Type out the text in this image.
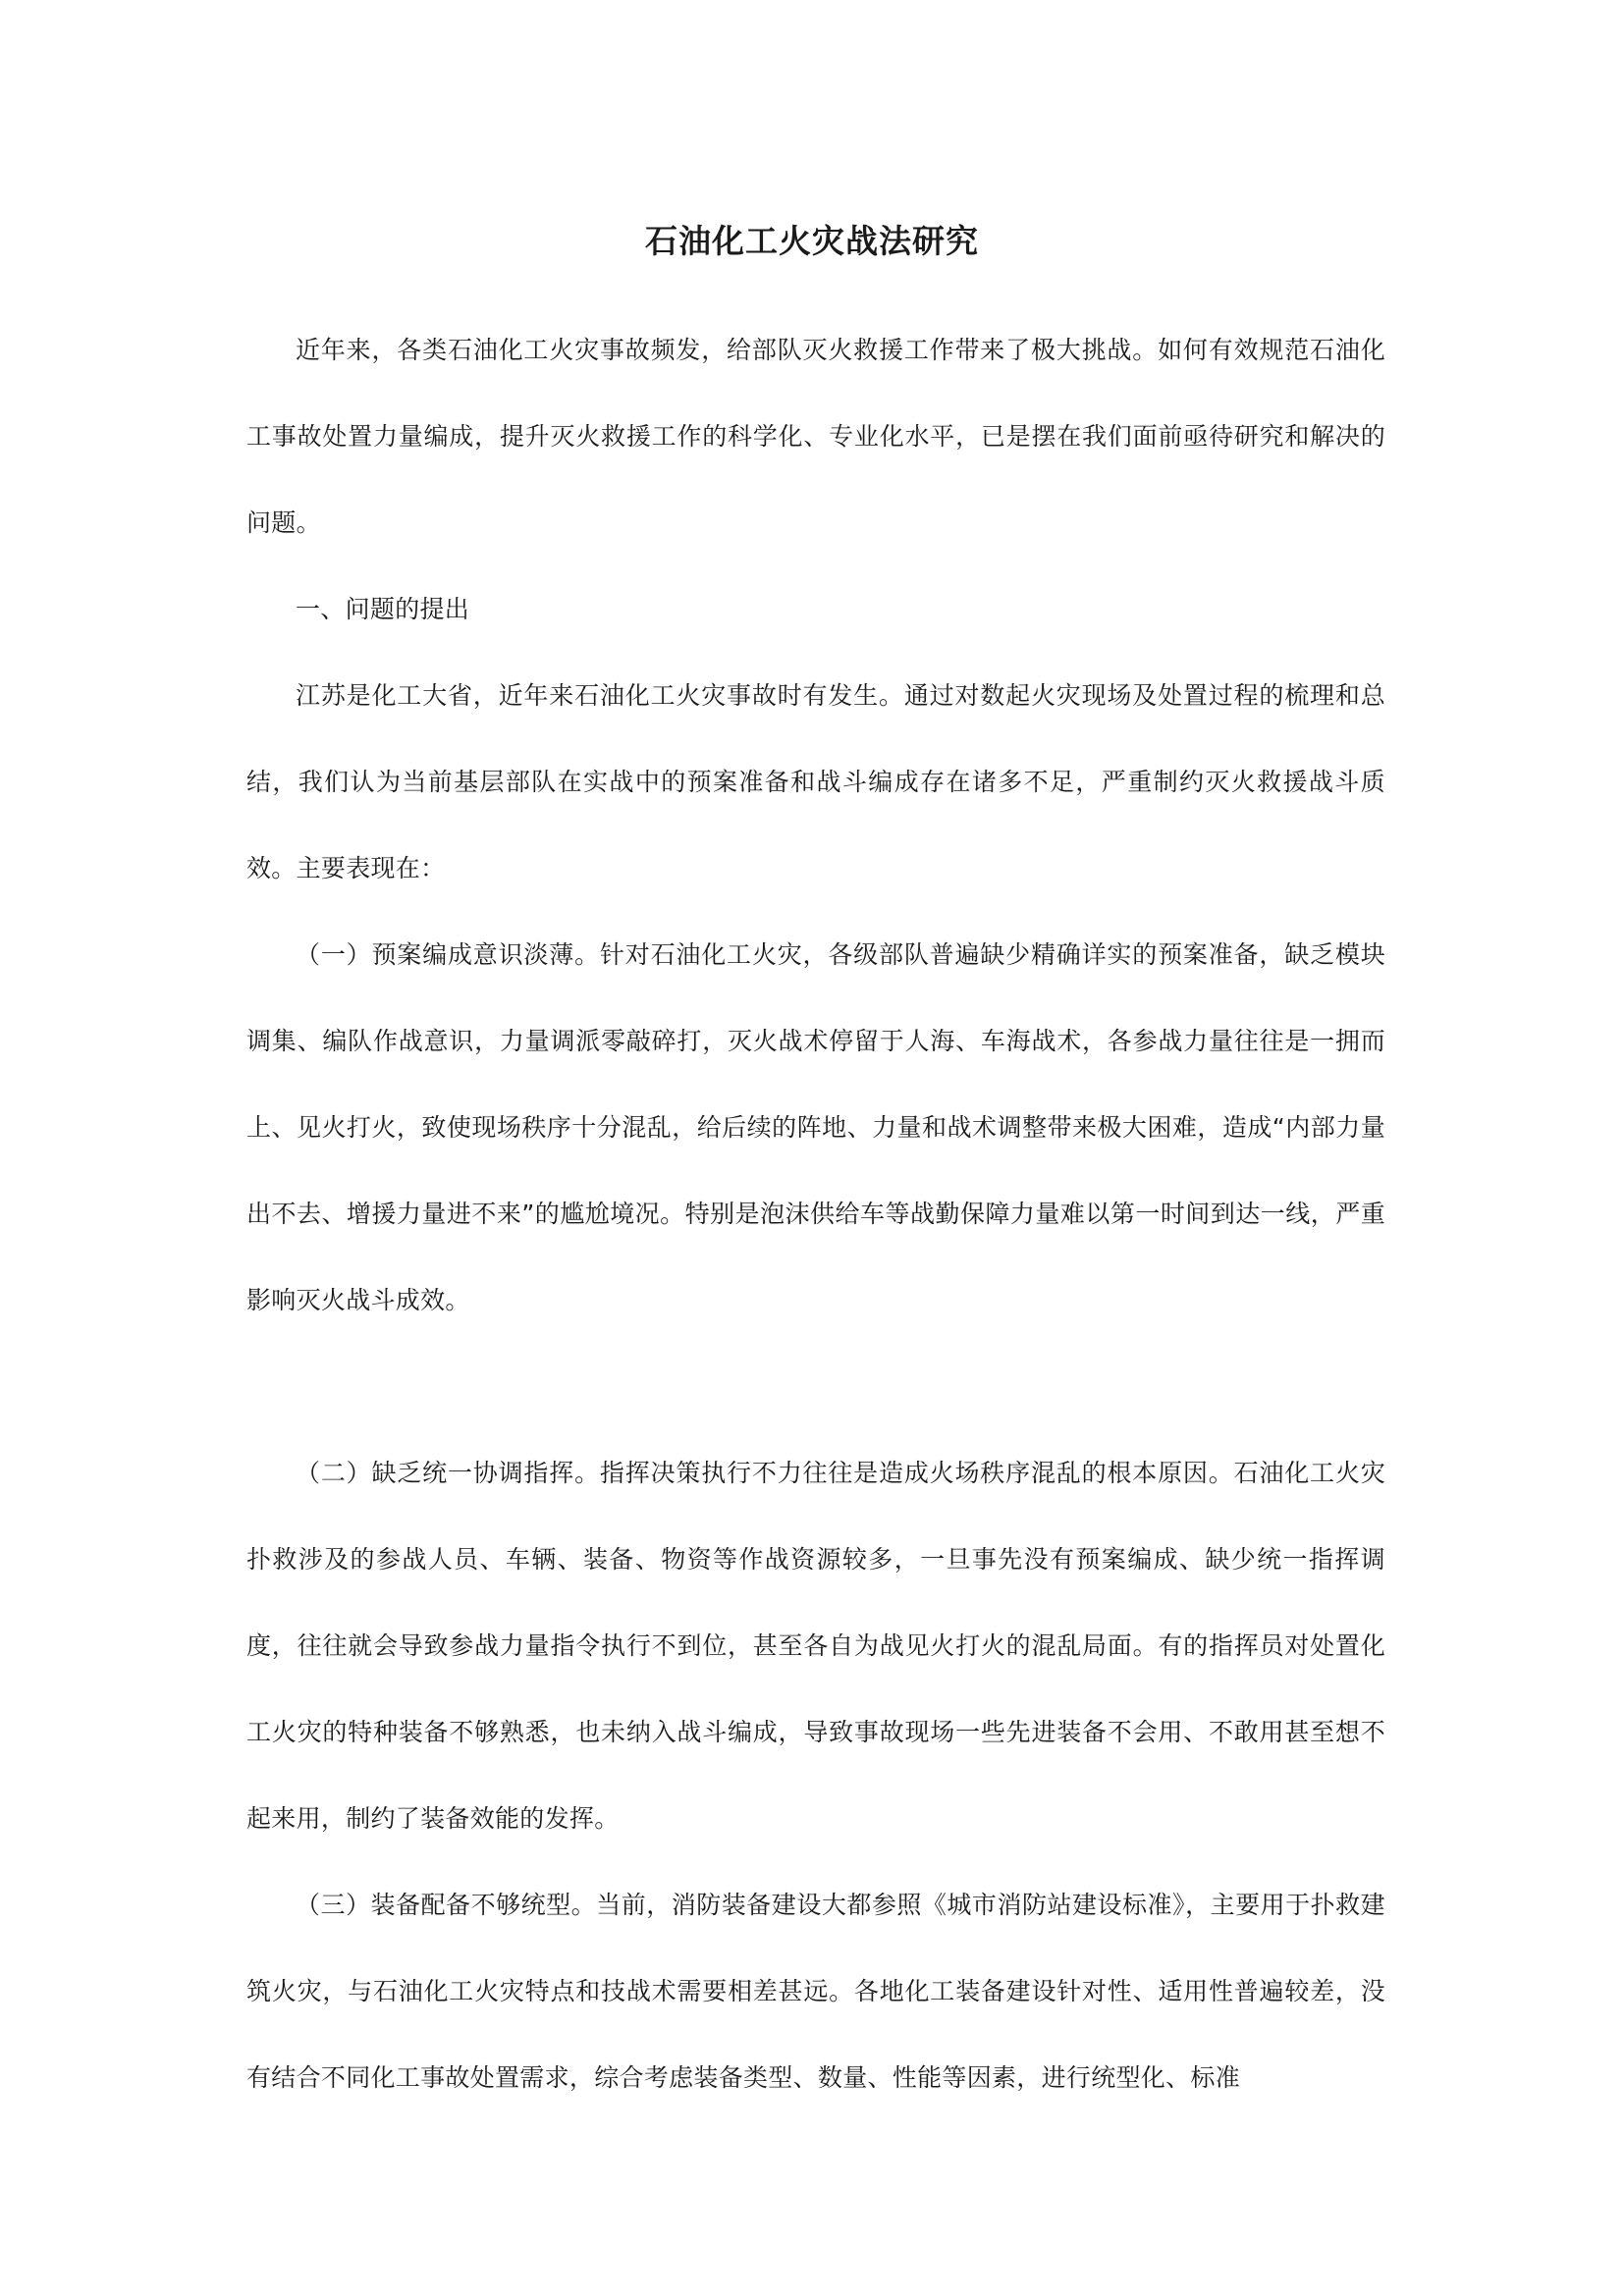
石油化工火灾战法研究

近年来，各类石油化工火灾事故频发，给部队灭火救援工作带来了极大挑战。如何有效规范石油化工事故处置力量编成，提升灭火救援工作的科学化、专业化水平，已是摆在我们面前亟待研究和解决的问题。

一、问题的提出

江苏是化工大省，近年来石油化工火灾事故时有发生。通过对数起火灾现场及处置过程的梳理和总结，我们认为当前基层部队在实战中的预案准备和战斗编成存在诸多不足，严重制约灭火救援战斗质效。主要表现在：

（一）预案编成意识淡薄。针对石油化工火灾，各级部队普遍缺少精确详实的预案准备，缺乏模块调集、编队作战意识，力量调派零敲碎打，灭火战术停留于人海、车海战术，各参战力量往往是一拥而上、见火打火，致使现场秩序十分混乱，给后续的阵地、力量和战术调整带来极大困难，造成“内部力量出不去、增援力量进不来”的尴尬境况。特别是泡沫供给车等战勤保障力量难以第一时间到达一线，严重影响灭火战斗成效。

（二）缺乏统一协调指挥。指挥决策执行不力往往是造成火场秩序混乱的根本原因。石油化工火灾扑救涉及的参战人员、车辆、装备、物资等作战资源较多，一旦事先没有预案编成、缺少统一指挥调度，往往就会导致参战力量指令执行不到位，甚至各自为战见火打火的混乱局面。有的指挥员对处置化工火灾的特种装备不够熟悉，也未纳入战斗编成，导致事故现场一些先进装备不会用、不敢用甚至想不起来用，制约了装备效能的发挥。

（三）装备配备不够统型。当前，消防装备建设大都参照《城市消防站建设标准》，主要用于扑救建筑火灾，与石油化工火灾特点和技战术需要相差甚远。各地化工装备建设针对性、适用性普遍较差，没有结合不同化工事故处置需求，综合考虑装备类型、数量、性能等因素，进行统型化、标准
